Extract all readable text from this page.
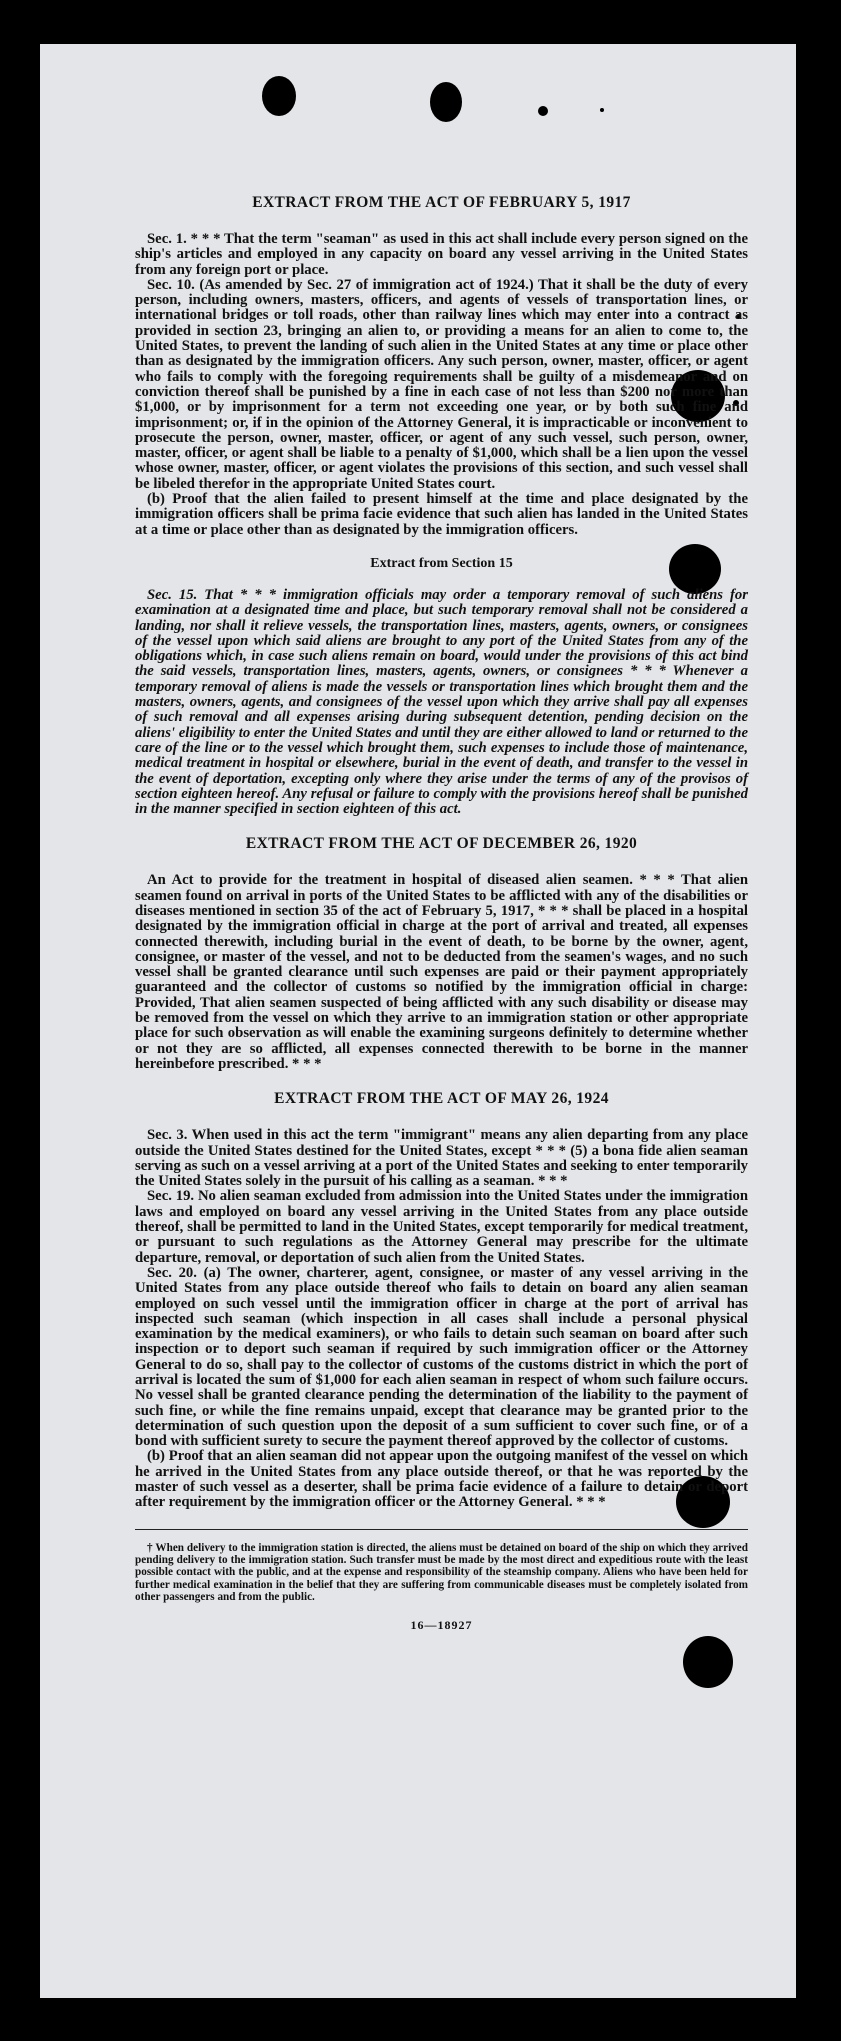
EXTRACT FROM THE ACT OF FEBRUARY 5, 1917

Sec. 1. * * * That the term "seaman" as used in this act shall include every person signed on the ship's articles and employed in any capacity on board any vessel arriving in the United States from any foreign port or place.

Sec. 10. (As amended by Sec. 27 of immigration act of 1924.) That it shall be the duty of every person, including owners, masters, officers, and agents of vessels of transportation lines, or international bridges or toll roads, other than railway lines which may enter into a contract as provided in section 23, bringing an alien to, or providing a means for an alien to come to, the United States, to prevent the landing of such alien in the United States at any time or place other than as designated by the immigration officers. Any such person, owner, master, officer, or agent who fails to comply with the foregoing requirements shall be guilty of a misdemeanor and on conviction thereof shall be punished by a fine in each case of not less than $200 nor more than $1,000, or by imprisonment for a term not exceeding one year, or by both such fine and imprisonment; or, if in the opinion of the Attorney General, it is impracticable or inconvenient to prosecute the person, owner, master, officer, or agent of any such vessel, such person, owner, master, officer, or agent shall be liable to a penalty of $1,000, which shall be a lien upon the vessel whose owner, master, officer, or agent violates the provisions of this section, and such vessel shall be libeled therefor in the appropriate United States court.

(b) Proof that the alien failed to present himself at the time and place designated by the immigration officers shall be prima facie evidence that such alien has landed in the United States at a time or place other than as designated by the immigration officers.

Extract from Section 15

Sec. 15. That * * * immigration officials may order a temporary removal of such aliens for examination at a designated time and place, but such temporary removal shall not be considered a landing, nor shall it relieve vessels, the transportation lines, masters, agents, owners, or consignees of the vessel upon which said aliens are brought to any port of the United States from any of the obligations which, in case such aliens remain on board, would under the provisions of this act bind the said vessels, transportation lines, masters, agents, owners, or consignees * * * Whenever a temporary removal of aliens is made the vessels or transportation lines which brought them and the masters, owners, agents, and consignees of the vessel upon which they arrive shall pay all expenses of such removal and all expenses arising during subsequent detention, pending decision on the aliens' eligibility to enter the United States and until they are either allowed to land or returned to the care of the line or to the vessel which brought them, such expenses to include those of maintenance, medical treatment in hospital or elsewhere, burial in the event of death, and transfer to the vessel in the event of deportation, excepting only where they arise under the terms of any of the provisos of section eighteen hereof. Any refusal or failure to comply with the provisions hereof shall be punished in the manner specified in section eighteen of this act.

EXTRACT FROM THE ACT OF DECEMBER 26, 1920

An Act to provide for the treatment in hospital of diseased alien seamen. * * * That alien seamen found on arrival in ports of the United States to be afflicted with any of the disabilities or diseases mentioned in section 35 of the act of February 5, 1917, * * * shall be placed in a hospital designated by the immigration official in charge at the port of arrival and treated, all expenses connected therewith, including burial in the event of death, to be borne by the owner, agent, consignee, or master of the vessel, and not to be deducted from the seamen's wages, and no such vessel shall be granted clearance until such expenses are paid or their payment appropriately guaranteed and the collector of customs so notified by the immigration official in charge: Provided, That alien seamen suspected of being afflicted with any such disability or disease may be removed from the vessel on which they arrive to an immigration station or other appropriate place for such observation as will enable the examining surgeons definitely to determine whether or not they are so afflicted, all expenses connected therewith to be borne in the manner hereinbefore prescribed. * * *

EXTRACT FROM THE ACT OF MAY 26, 1924

Sec. 3. When used in this act the term "immigrant" means any alien departing from any place outside the United States destined for the United States, except * * * (5) a bona fide alien seaman serving as such on a vessel arriving at a port of the United States and seeking to enter temporarily the United States solely in the pursuit of his calling as a seaman. * * *

Sec. 19. No alien seaman excluded from admission into the United States under the immigration laws and employed on board any vessel arriving in the United States from any place outside thereof, shall be permitted to land in the United States, except temporarily for medical treatment, or pursuant to such regulations as the Attorney General may prescribe for the ultimate departure, removal, or deportation of such alien from the United States.

Sec. 20. (a) The owner, charterer, agent, consignee, or master of any vessel arriving in the United States from any place outside thereof who fails to detain on board any alien seaman employed on such vessel until the immigration officer in charge at the port of arrival has inspected such seaman (which inspection in all cases shall include a personal physical examination by the medical examiners), or who fails to detain such seaman on board after such inspection or to deport such seaman if required by such immigration officer or the Attorney General to do so, shall pay to the collector of customs of the customs district in which the port of arrival is located the sum of $1,000 for each alien seaman in respect of whom such failure occurs. No vessel shall be granted clearance pending the determination of the liability to the payment of such fine, or while the fine remains unpaid, except that clearance may be granted prior to the determination of such question upon the deposit of a sum sufficient to cover such fine, or of a bond with sufficient surety to secure the payment thereof approved by the collector of customs.

(b) Proof that an alien seaman did not appear upon the outgoing manifest of the vessel on which he arrived in the United States from any place outside thereof, or that he was reported by the master of such vessel as a deserter, shall be prima facie evidence of a failure to detain or deport after requirement by the immigration officer or the Attorney General. * * *

† When delivery to the immigration station is directed, the aliens must be detained on board of the ship on which they arrived pending delivery to the immigration station. Such transfer must be made by the most direct and expeditious route with the least possible contact with the public, and at the expense and responsibility of the steamship company. Aliens who have been held for further medical examination in the belief that they are suffering from communicable diseases must be completely isolated from other passengers and from the public.

16—18927
